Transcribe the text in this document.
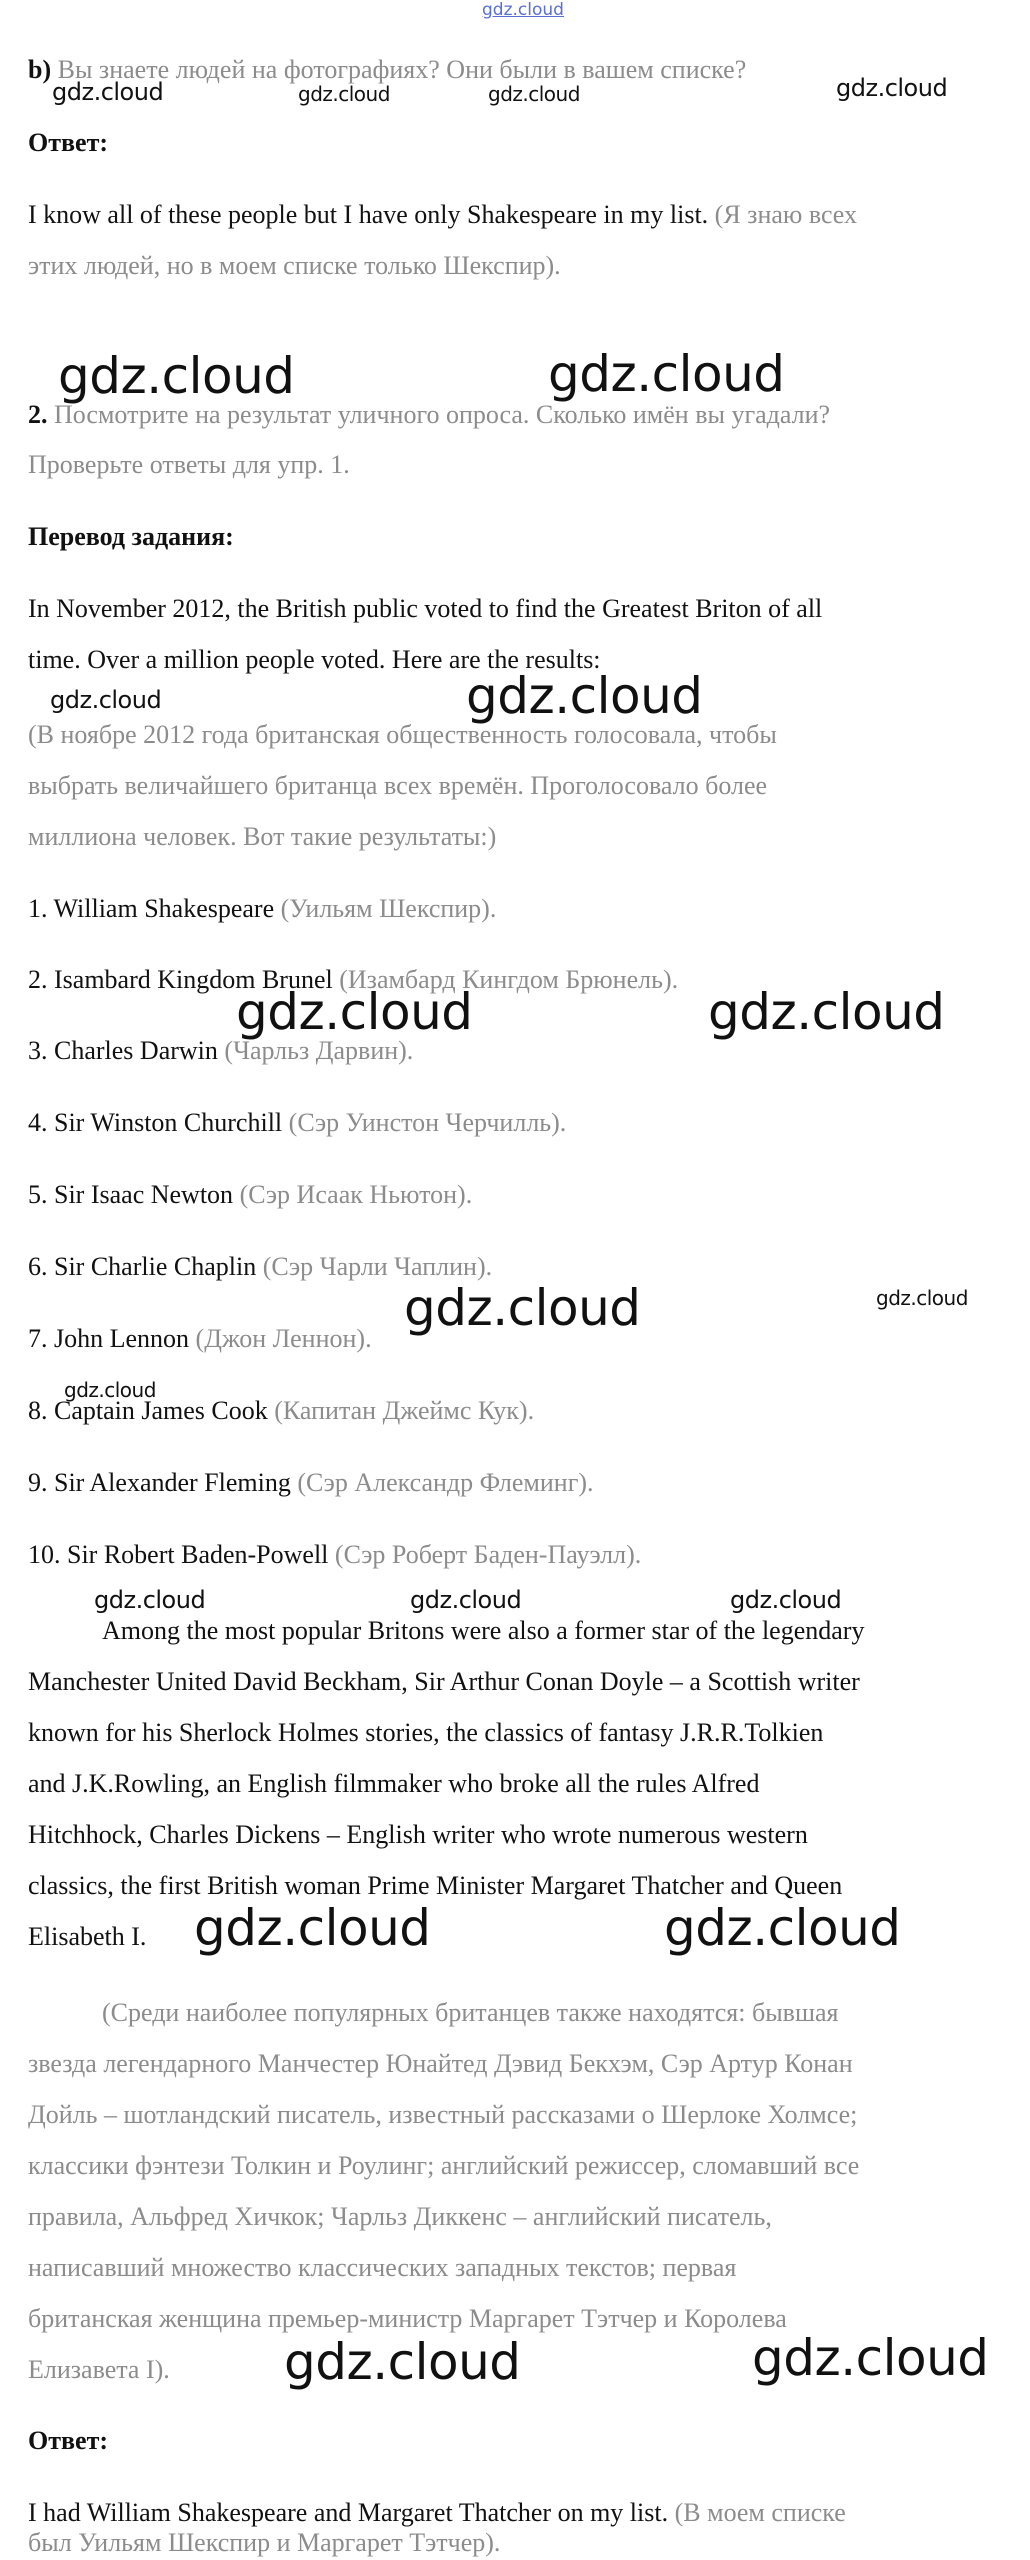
gdz.cloud
b) Вы знаете людей на фотографиях? Они были в вашем списке?
gdz.cloud	gdz.cloud	gdz.cloud	gdz.cloud
Ответ:
I know all of these people but I have only Shakespeare in my list. (Я знаю всех
этих людей, но в моем списке только Шекспир).
gdz.cloud	gdz.cloud
2. Посмотрите на результат уличного опроса. Сколько имён вы угадали?
Проверьте ответы для упр. 1.
Перевод задания:
In November 2012, the British public voted to find the Greatest Briton of all
time. Over a million people voted. Here are the results:
gdz.cloud	gdz.cloud
(В ноябре 2012 года британская общественность голосовала, чтобы
выбрать величайшего британца всех времён. Проголосовало более
миллиона человек. Вот такие результаты:)
1. William Shakespeare (Уильям Шекспир).
2. Isambard Kingdom Brunel (Изамбард Кингдом Брюнель).
gdz.cloud	gdz.cloud
3. Charles Darwin (Чарльз Дарвин).
4. Sir Winston Churchill (Сэр Уинстон Черчилль).
5. Sir Isaac Newton (Сэр Исаак Ньютон).
6. Sir Charlie Chaplin (Сэр Чарли Чаплин).
gdz.cloud	gdz.cloud
7. John Lennon (Джон Леннон).
gdz.cloud
8. Captain James Cook (Капитан Джеймс Кук).
9. Sir Alexander Fleming (Сэр Александр Флеминг).
10. Sir Robert Baden-Powell (Сэр Роберт Баден-Пауэлл).
gdz.cloud	gdz.cloud	gdz.cloud
Among the most popular Britons were also a former star of the legendary
Manchester United David Beckham, Sir Arthur Conan Doyle – a Scottish writer
known for his Sherlock Holmes stories, the classics of fantasy J.R.R.Tolkien
and J.K.Rowling, an English filmmaker who broke all the rules Alfred
Hitchhock, Charles Dickens – English writer who wrote numerous western
classics, the first British woman Prime Minister Margaret Thatcher and Queen
Elisabeth I. gdz.cloud	gdz.cloud
(Среди наиболее популярных британцев также находятся: бывшая
звезда легендарного Манчестер Юнайтед Дэвид Бекхэм, Сэр Артур Конан
Дойль – шотландский писатель, известный рассказами о Шерлоке Холмсе;
классики фэнтези Толкин и Роулинг; английский режиссер, сломавший все
правила, Альфред Хичкок; Чарльз Диккенс – английский писатель,
написавший множество классических западных текстов; первая
британская женщина премьер-министр Маргарет Тэтчер и Королева
Елизавета I). gdz.cloud	gdz.cloud
Ответ:
I had William Shakespeare and Margaret Thatcher on my list. (В моем списке
был Уильям Шекспир и Маргарет Тэтчер).
